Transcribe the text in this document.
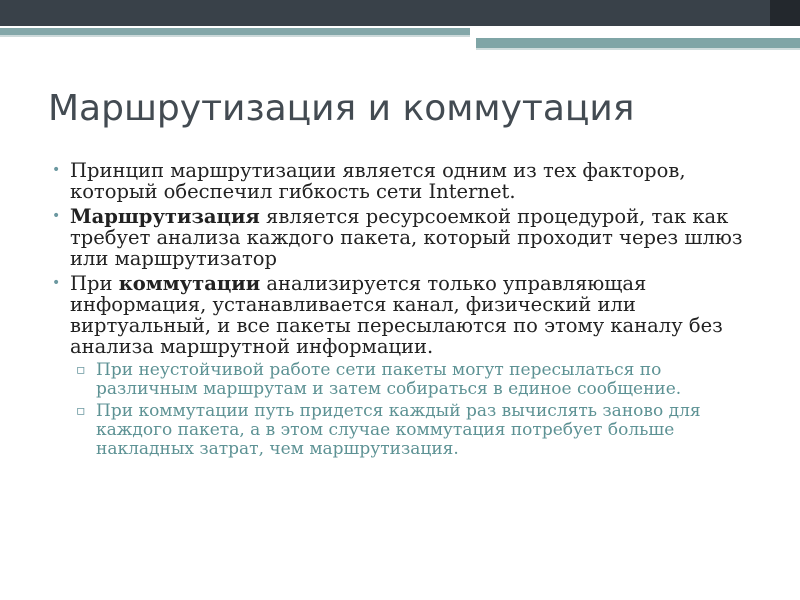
Маршрутизация и коммутация
• Принцип маршрутизации является одним из тех факторов, который обеспечил гибкость сети Internet.
• Маршрутизация является ресурсоемкой процедурой, так как требует анализа каждого пакета, который проходит через шлюз или маршрутизатор
• При коммутации анализируется только управляющая информация, устанавливается канал, физический или виртуальный, и все пакеты пересылаются по этому каналу без анализа маршрутной информации.
▫ При неустойчивой работе сети пакеты могут пересылаться по различным маршрутам и затем собираться в единое сообщение.
▫ При коммутации путь придется каждый раз вычислять заново для каждого пакета, а в этом случае коммутация потребует больше накладных затрат, чем маршрутизация.
